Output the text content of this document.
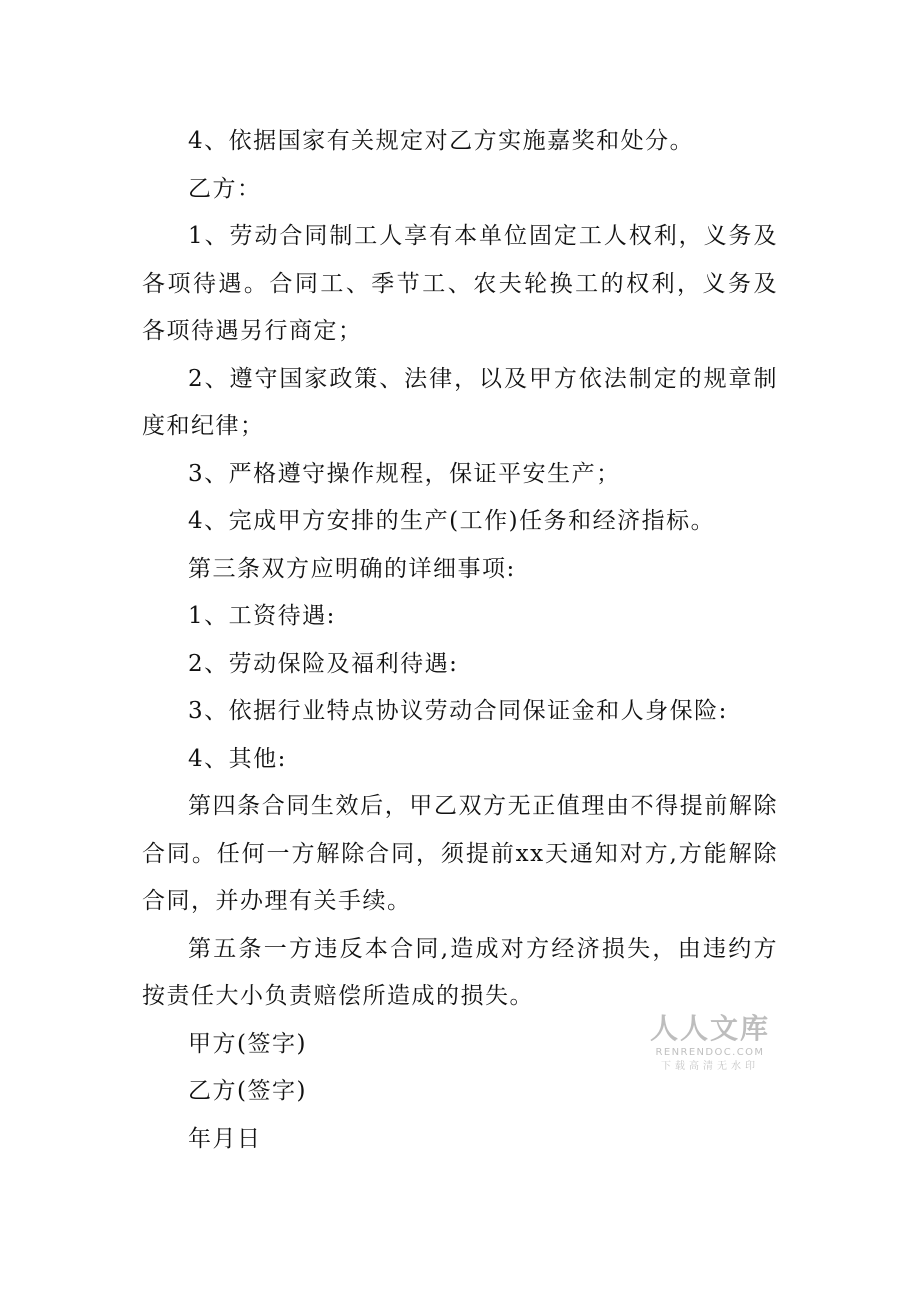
4、依据国家有关规定对乙方实施嘉奖和处分。

乙方：

1、劳动合同制工人享有本单位固定工人权利，义务及各项待遇。合同工、季节工、农夫轮换工的权利，义务及各项待遇另行商定；

2、遵守国家政策、法律，以及甲方依法制定的规章制度和纪律；

3、严格遵守操作规程，保证平安生产；

4、完成甲方安排的生产(工作)任务和经济指标。

第三条双方应明确的详细事项:

1、工资待遇:

2、劳动保险及福利待遇:

3、依据行业特点协议劳动合同保证金和人身保险:

4、其他:

第四条合同生效后，甲乙双方无正值理由不得提前解除合同。任何一方解除合同，须提前xx天通知对方,方能解除合同，并办理有关手续。

第五条一方违反本合同,造成对方经济损失，由违约方按责任大小负责赔偿所造成的损失。

甲方(签字)

乙方(签字)

年月日

人人文库
RENRENDOC.COM
下载高清无水印
